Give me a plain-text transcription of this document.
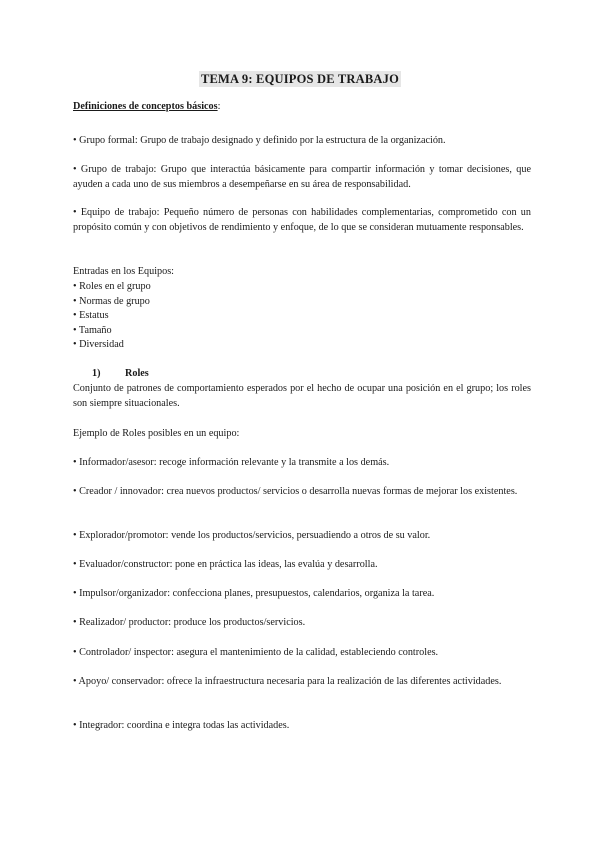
TEMA 9: EQUIPOS DE TRABAJO
Definiciones de conceptos básicos:
• Grupo formal: Grupo de trabajo designado y definido por la estructura de la organización.
• Grupo de trabajo: Grupo que interactúa básicamente para compartir información y tomar decisiones, que ayuden a cada uno de sus miembros a desempeñarse en su área de responsabilidad.
• Equipo de trabajo: Pequeño número de personas con habilidades complementarias, comprometido con un propósito común y con objetivos de rendimiento y enfoque, de lo que se consideran mutuamente responsables.
Entradas en los Equipos:
• Roles en el grupo
• Normas de grupo
• Estatus
• Tamaño
• Diversidad
1) Roles
Conjunto de patrones de comportamiento esperados por el hecho de ocupar una posición en el grupo; los roles son siempre situacionales.
Ejemplo de Roles posibles en un equipo:
• Informador/asesor: recoge información relevante y la transmite a los demás.
• Creador / innovador: crea nuevos productos/ servicios o desarrolla nuevas formas de mejorar los existentes.
• Explorador/promotor: vende los productos/servicios, persuadiendo a otros de su valor.
• Evaluador/constructor: pone en práctica las ideas, las evalúa y desarrolla.
• Impulsor/organizador: confecciona planes, presupuestos, calendarios, organiza la tarea.
• Realizador/ productor: produce los productos/servicios.
• Controlador/ inspector: asegura el mantenimiento de la calidad, estableciendo controles.
• Apoyo/ conservador: ofrece la infraestructura necesaria para la realización de las diferentes actividades.
• Integrador: coordina e integra todas las actividades.
